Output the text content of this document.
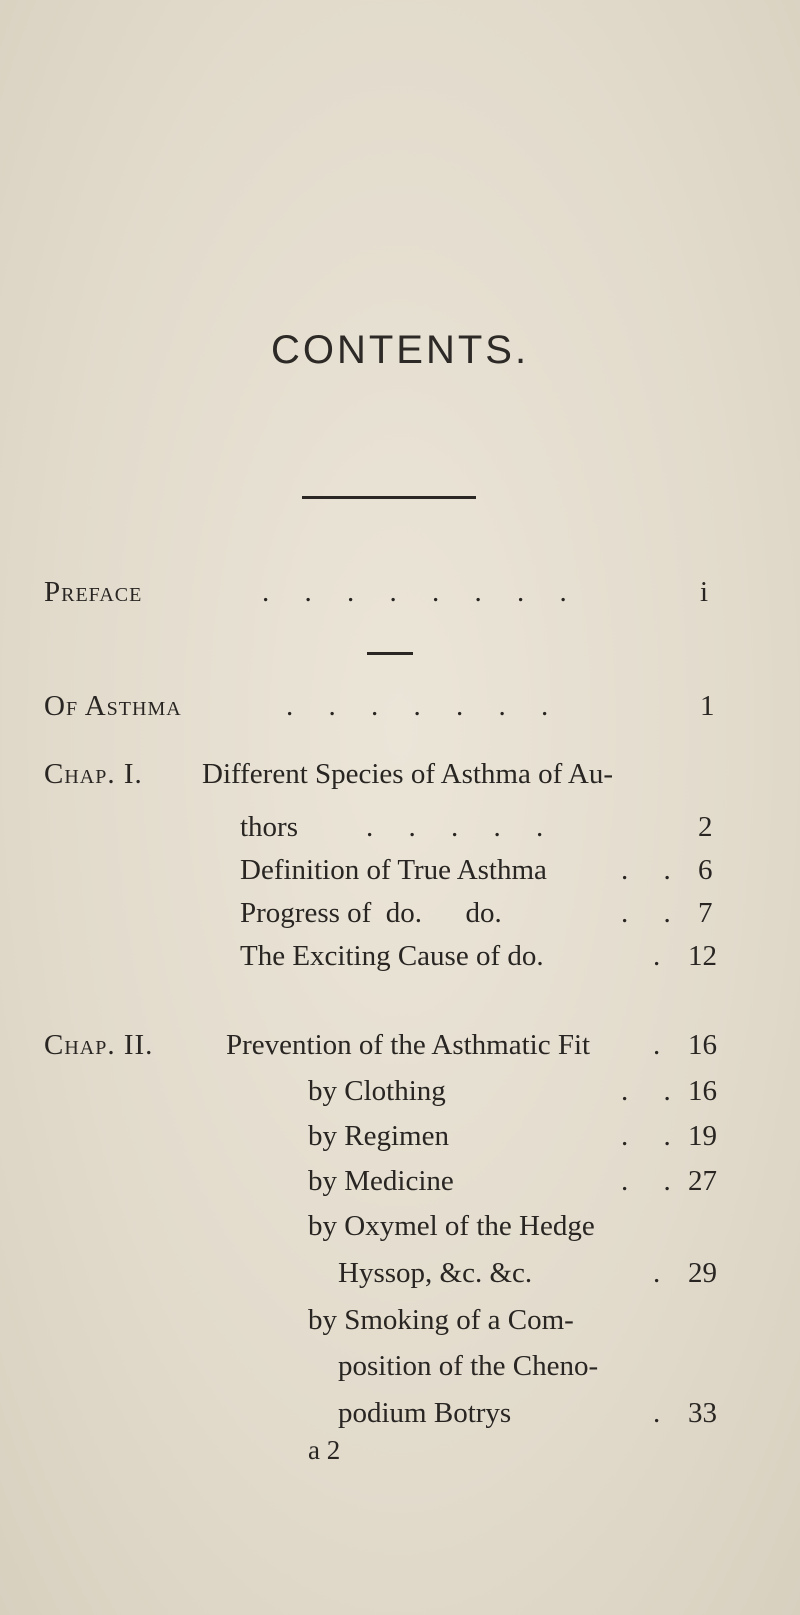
CONTENTS.
Preface	. . . . . . . .	i
Of Asthma	. . . . . . .	1
Chap. I. Different Species of Asthma of Au-
thors . . . . .	2
Definition of True Asthma	. . 6
Progress of  do.      do.	. . 7
The Exciting Cause of do.	. 12
Chap. II.	Prevention of the Asthmatic Fit . 16
by Clothing	. . 16
by Regimen	. . 19
by Medicine	. . 27
by Oxymel of the Hedge
Hyssop, &c. &c.	. 29
by Smoking of a Com-
position of the Cheno-
podium Botrys	. 33
a 2
